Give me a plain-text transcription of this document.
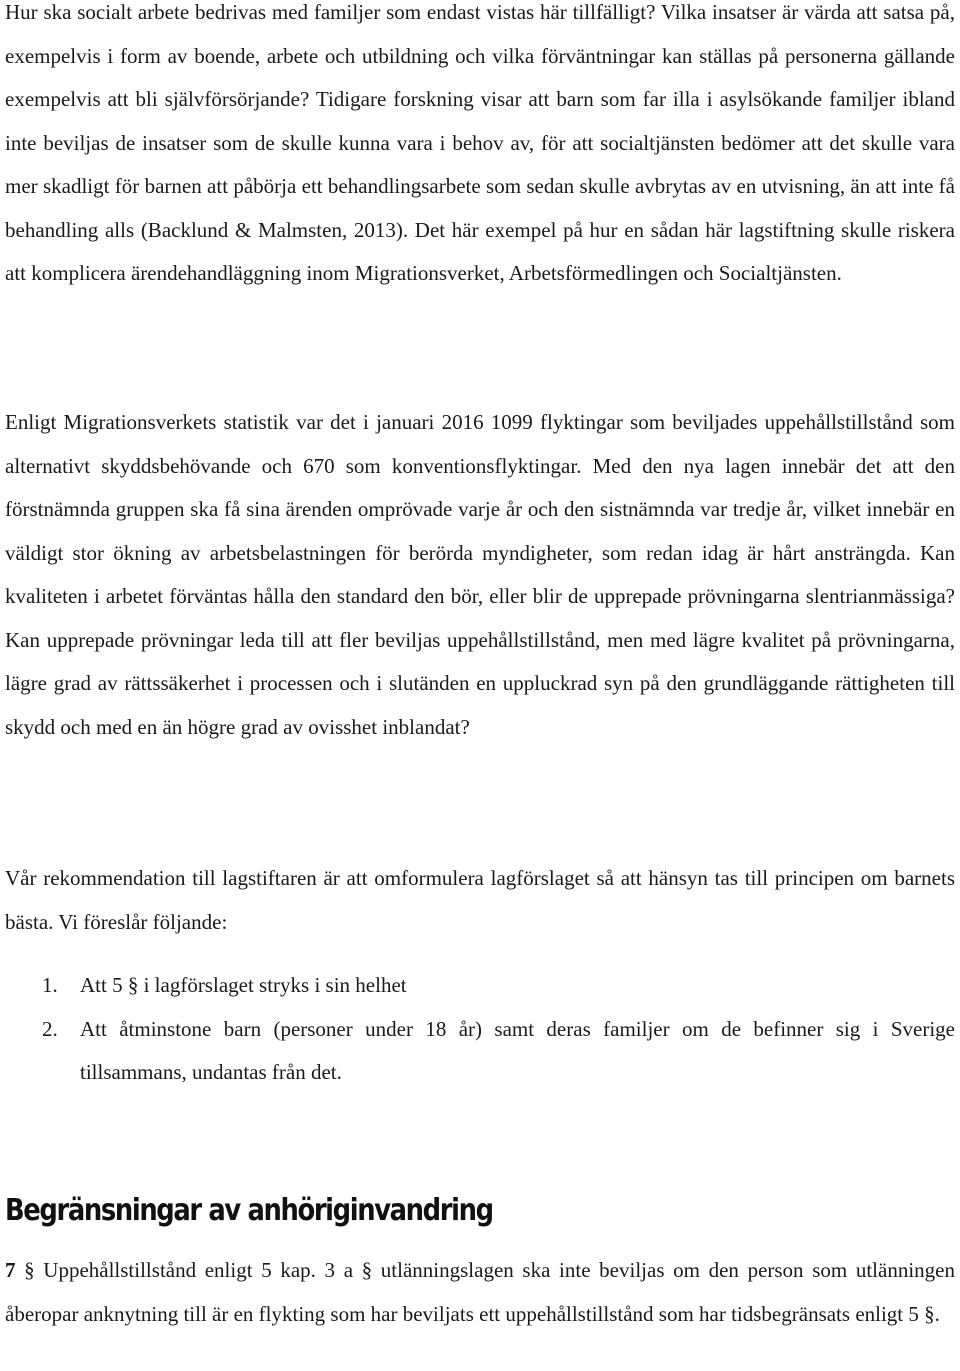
Hur ska socialt arbete bedrivas med familjer som endast vistas här tillfälligt? Vilka insatser är värda att satsa på, exempelvis i form av boende, arbete och utbildning och vilka förväntningar kan ställas på personerna gällande exempelvis att bli självförsörjande? Tidigare forskning visar att barn som far illa i asylsökande familjer ibland inte beviljas de insatser som de skulle kunna vara i behov av, för att socialtjänsten bedömer att det skulle vara mer skadligt för barnen att påbörja ett behandlingsarbete som sedan skulle avbrytas av en utvisning, än att inte få behandling alls (Backlund & Malmsten, 2013). Det här exempel på hur en sådan här lagstiftning skulle riskera att komplicera ärendehandläggning inom Migrationsverket, Arbetsförmedlingen och Socialtjänsten.

Enligt Migrationsverkets statistik var det i januari 2016 1099 flyktingar som beviljades uppehållstillstånd som alternativt skyddsbehövande och 670 som konventionsflyktingar. Med den nya lagen innebär det att den förstnämnda gruppen ska få sina ärenden omprövade varje år och den sistnämnda var tredje år, vilket innebär en väldigt stor ökning av arbetsbelastningen för berörda myndigheter, som redan idag är hårt ansträngda. Kan kvaliteten i arbetet förväntas hålla den standard den bör, eller blir de upprepade prövningarna slentrianmässiga? Kan upprepade prövningar leda till att fler beviljas uppehållstillstånd, men med lägre kvalitet på prövningarna, lägre grad av rättssäkerhet i processen och i slutänden en uppluckrad syn på den grundläggande rättigheten till skydd och med en än högre grad av ovisshet inblandat?

Vår rekommendation till lagstiftaren är att omformulera lagförslaget så att hänsyn tas till principen om barnets bästa. Vi föreslår följande:

1. Att 5 § i lagförslaget stryks i sin helhet
2. Att åtminstone barn (personer under 18 år) samt deras familjer om de befinner sig i Sverige tillsammans, undantas från det.
Begränsningar av anhöriginvandring

7 § Uppehållstillstånd enligt 5 kap. 3 a § utlänningslagen ska inte beviljas om den person som utlänningen åberopar anknytning till är en flykting som har beviljats ett uppehållstillstånd som har tidsbegränsats enligt 5 §.
